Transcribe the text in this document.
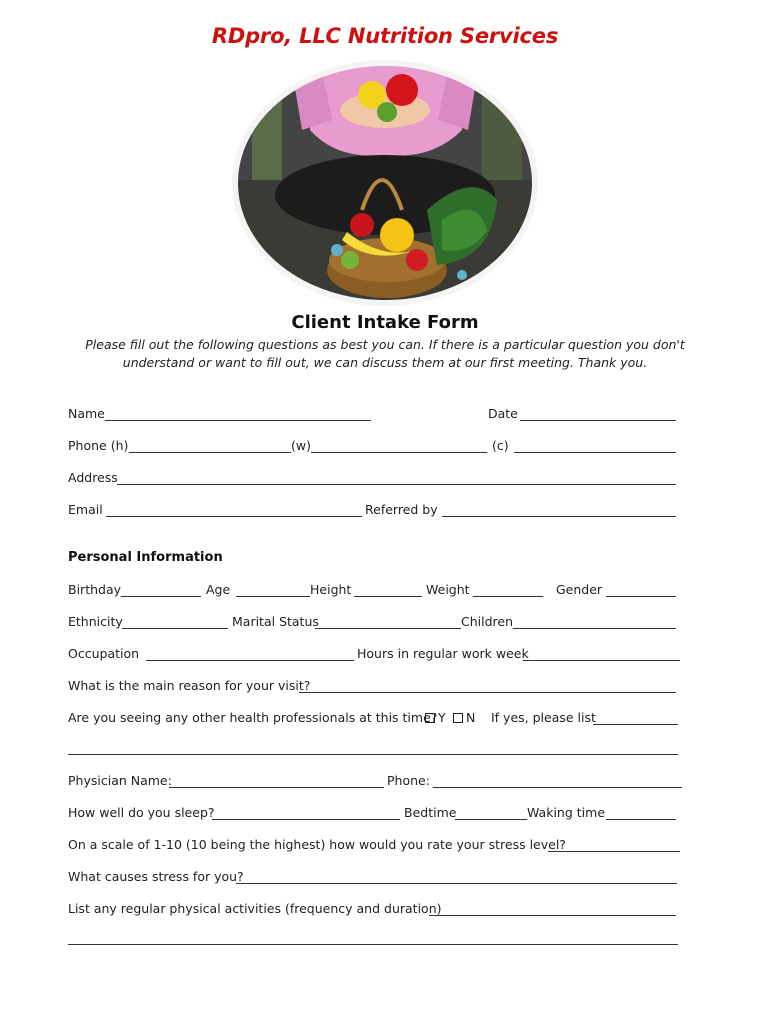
RDpro, LLC Nutrition Services
Client Intake Form
Please fill out the following questions as best you can. If there is a particular question you don't
understand or want to fill out, we can discuss them at our first meeting. Thank you.
Name	Date
Phone (h)	(w)	(c)
Address
Email	Referred by
Personal Information
Birthday	Age	Height	Weight	Gender
Ethnicity	Marital Status	Children
Occupation	Hours in regular work week
What is the main reason for your visit?
Are you seeing any other health professionals at this time? Y	N If yes, please list
Physician Name:	Phone:
How well do you sleep?	Bedtime	Waking time
On a scale of 1-10 (10 being the highest) how would you rate your stress level?
What causes stress for you?
List any regular physical activities (frequency and duration)
